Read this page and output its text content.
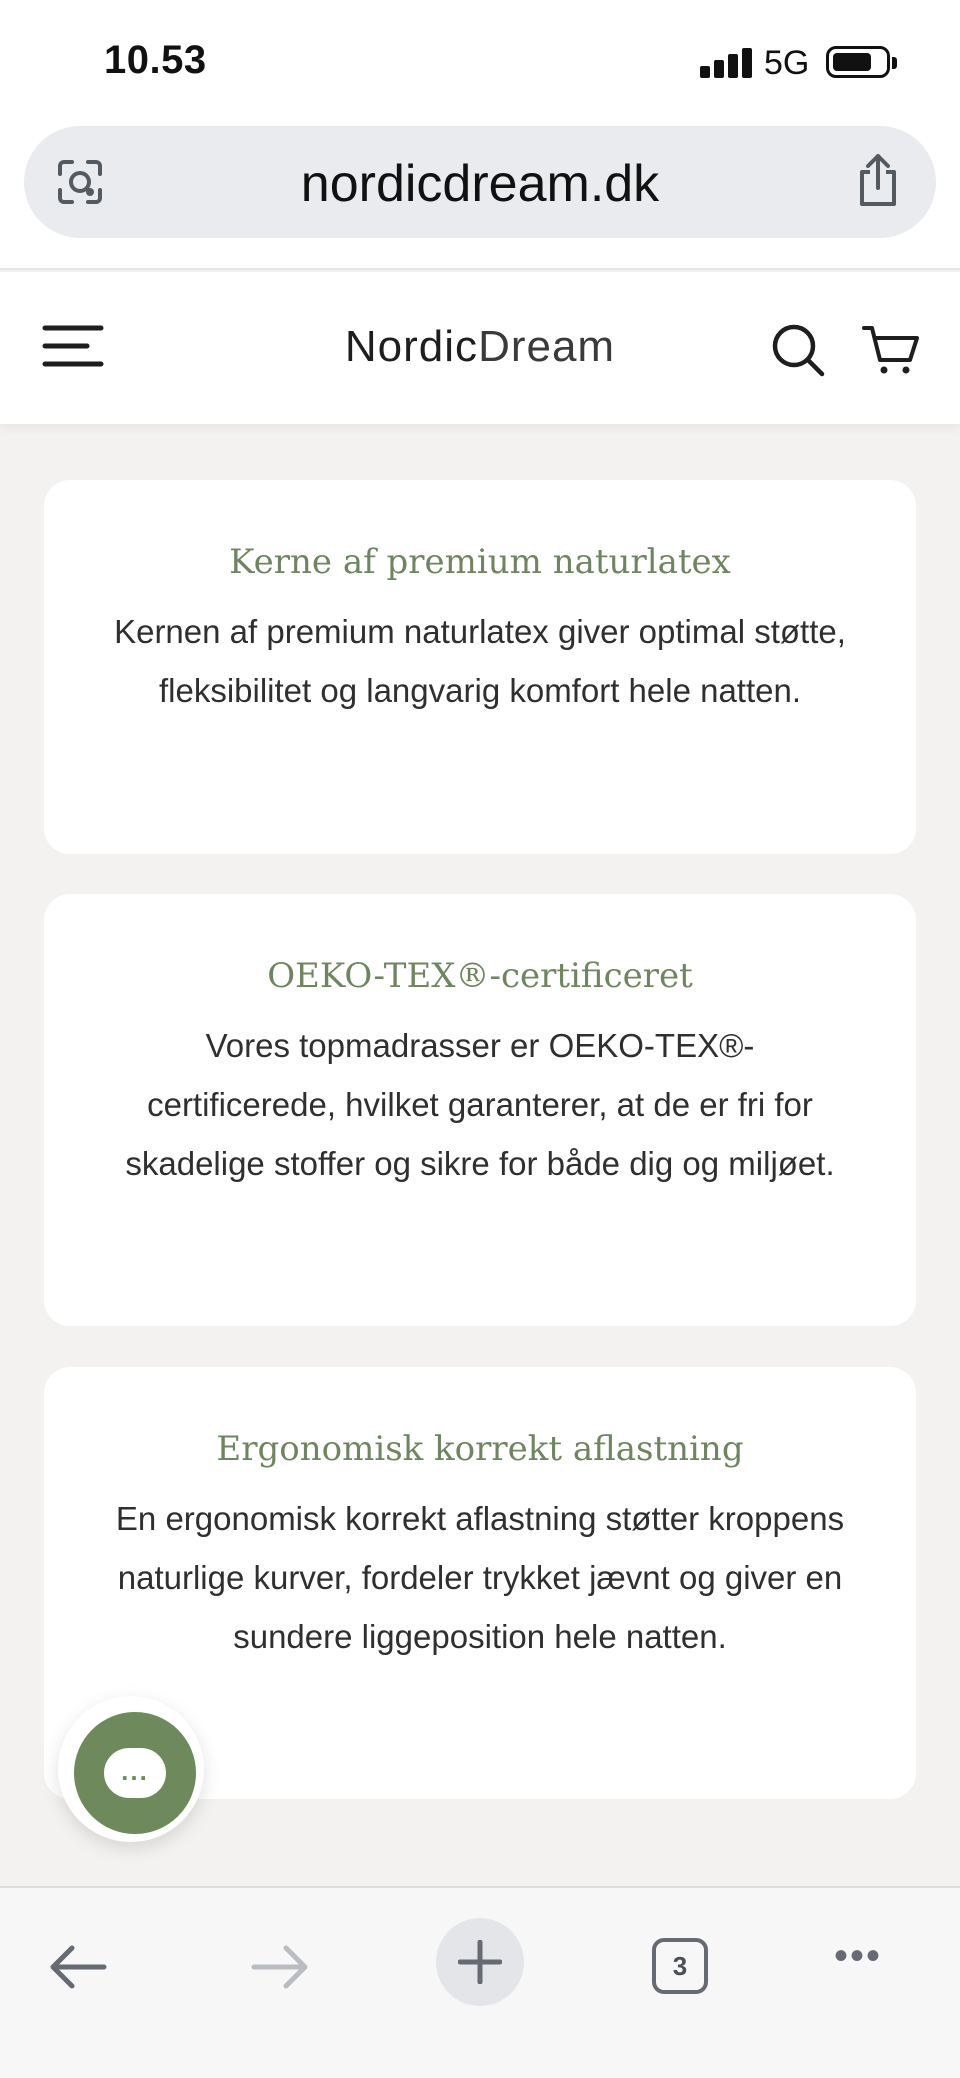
10.53	5G
nordicdream.dk
NordicDream
Kerne af premium naturlatex
Kernen af premium naturlatex giver optimal støtte, fleksibilitet og langvarig komfort hele natten.
OEKO-TEX®-certificeret
Vores topmadrasser er OEKO-TEX®-certificerede, hvilket garanterer, at de er fri for skadelige stoffer og sikre for både dig og miljøet.
Ergonomisk korrekt aflastning
En ergonomisk korrekt aflastning støtter kroppens naturlige kurver, fordeler trykket jævnt og giver en sundere liggeposition hele natten.
...
3	•••
